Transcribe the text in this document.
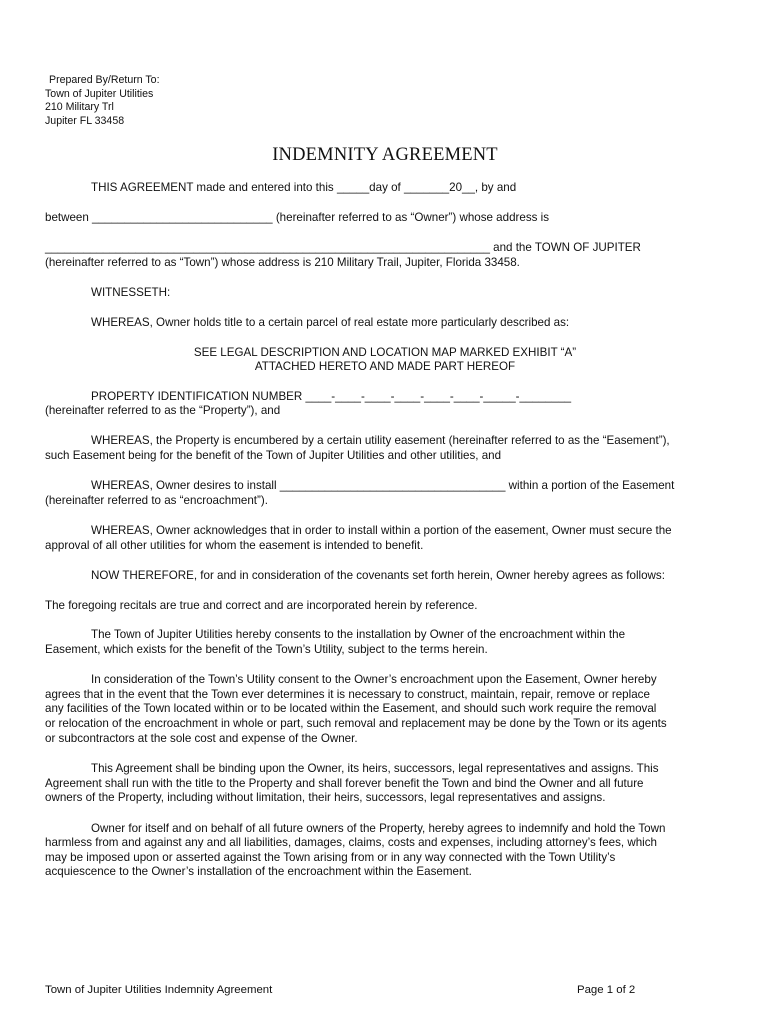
Prepared By/Return To:
Town of Jupiter Utilities
210 Military Trl
Jupiter FL 33458
INDEMNITY AGREEMENT
THIS AGREEMENT made and entered into this _____day of _______20__, by and
between ____________________________ (hereinafter referred to as “Owner”) whose address is
_____________________________________________________________________ and the TOWN OF JUPITER
(hereinafter referred to as “Town”) whose address is 210 Military Trail, Jupiter, Florida 33458.
WITNESSETH:
WHEREAS, Owner holds title to a certain parcel of real estate more particularly described as:
SEE LEGAL DESCRIPTION AND LOCATION MAP MARKED EXHIBIT “A”
ATTACHED HERETO AND MADE PART HEREOF
PROPERTY IDENTIFICATION NUMBER ____-____-____-____-____-____-_____-________
(hereinafter referred to as the “Property”), and
WHEREAS, the Property is encumbered by a certain utility easement (hereinafter referred to as the “Easement”),
such Easement being for the benefit of the Town of Jupiter Utilities and other utilities, and
WHEREAS, Owner desires to install ___________________________________ within a portion of the Easement
(hereinafter referred to as “encroachment”).
WHEREAS, Owner acknowledges that in order to install within a portion of the easement, Owner must secure the
approval of all other utilities for whom the easement is intended to benefit.
NOW THEREFORE, for and in consideration of the covenants set forth herein, Owner hereby agrees as follows:
The foregoing recitals are true and correct and are incorporated herein by reference.
The Town of Jupiter Utilities hereby consents to the installation by Owner of the encroachment within the
Easement, which exists for the benefit of the Town’s Utility, subject to the terms herein.
In consideration of the Town’s Utility consent to the Owner’s encroachment upon the Easement, Owner hereby
agrees that in the event that the Town ever determines it is necessary to construct, maintain, repair, remove or replace
any facilities of the Town located within or to be located within the Easement, and should such work require the removal
or relocation of the encroachment in whole or part, such removal and replacement may be done by the Town or its agents
or subcontractors at the sole cost and expense of the Owner.
This Agreement shall be binding upon the Owner, its heirs, successors, legal representatives and assigns. This
Agreement shall run with the title to the Property and shall forever benefit the Town and bind the Owner and all future
owners of the Property, including without limitation, their heirs, successors, legal representatives and assigns.
Owner for itself and on behalf of all future owners of the Property, hereby agrees to indemnify and hold the Town
harmless from and against any and all liabilities, damages, claims, costs and expenses, including attorney’s fees, which
may be imposed upon or asserted against the Town arising from or in any way connected with the Town Utility’s
acquiescence to the Owner’s installation of the encroachment within the Easement.
Town of Jupiter Utilities Indemnity Agreement	Page 1 of 2
